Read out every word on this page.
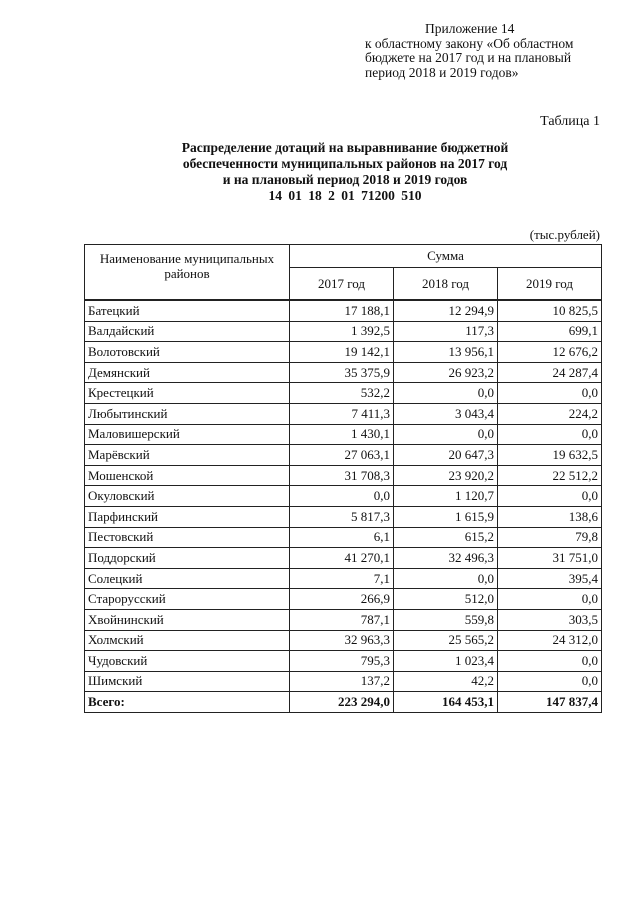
Приложение 14
к областному закону «Об областном
бюджете на 2017 год и на плановый
период 2018 и 2019 годов»
Таблица 1
Распределение дотаций на выравнивание бюджетной
обеспеченности муниципальных районов на 2017 год
и на плановый период 2018 и 2019 годов
14 01 18 2 01 71200 510
(тыс.рублей)
Наименование муниципальных районов	Сумма		
	2017 год	2018 год	2019 год
Батецкий	17 188,1	12 294,9	10 825,5
Валдайский	1 392,5	117,3	699,1
Волотовский	19 142,1	13 956,1	12 676,2
Демянский	35 375,9	26 923,2	24 287,4
Крестецкий	532,2	0,0	0,0
Любытинский	7 411,3	3 043,4	224,2
Маловишерский	1 430,1	0,0	0,0
Марёвский	27 063,1	20 647,3	19 632,5
Мошенской	31 708,3	23 920,2	22 512,2
Окуловский	0,0	1 120,7	0,0
Парфинский	5 817,3	1 615,9	138,6
Пестовский	6,1	615,2	79,8
Поддорский	41 270,1	32 496,3	31 751,0
Солецкий	7,1	0,0	395,4
Старорусский	266,9	512,0	0,0
Хвойнинский	787,1	559,8	303,5
Холмский	32 963,3	25 565,2	24 312,0
Чудовский	795,3	1 023,4	0,0
Шимский	137,2	42,2	0,0
Всего:	223 294,0	164 453,1	147 837,4
